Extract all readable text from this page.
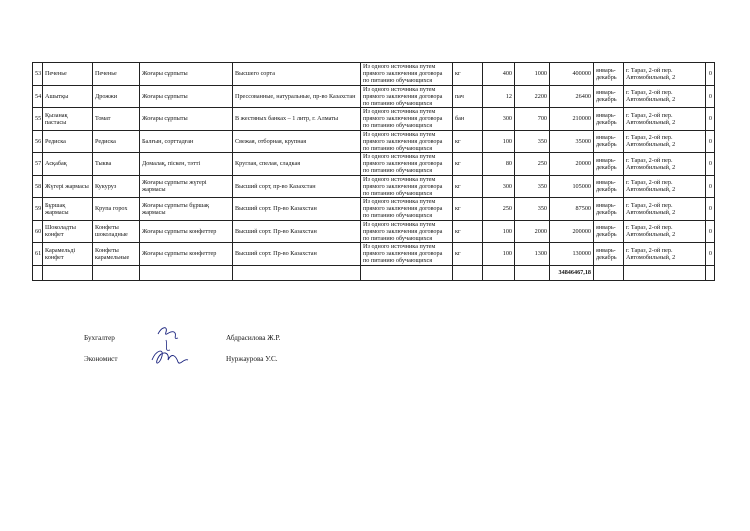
53	Печенье	Печенье	Жоғары сұрпыты	Высшего сорта	Из одного источника путем прямого заключения договора по питанию обучающихся	кг	400	1000	400000	январь-декабрь	г. Тараз, 2-ой пер. Автомобильный, 2	0
54	Ашытқы	Дрожжи	Жоғары сұрпыты	Прессованные, натуральные, пр-во Казахстан	Из одного источника путем прямого заключения договора по питанию обучающихся	пач	12	2200	26400	январь-декабрь	г. Тараз, 2-ой пер. Автомобильный, 2	0
55	Қызанақ пастасы	Томат	Жоғары сұрпыты	В жестяных банках – 1 литр, г. Алматы	Из одного источника путем прямого заключения договора по питанию обучающихся	бан	300	700	210000	январь-декабрь	г. Тараз, 2-ой пер. Автомобильный, 2	0
56	Редиска	Редиска	Балғын, сорттадған	Свежая, отборная, крупная	Из одного источника путем прямого заключения договора по питанию обучающихся	кг	100	350	35000	январь-декабрь	г. Тараз, 2-ой пер. Автомобильный, 2	0
57	Асқабақ	Тыква	Домалақ, піскен, тәтті	Круглая, спелая, сладкая	Из одного источника путем прямого заключения договора по питанию обучающихся	кг	80	250	20000	январь-декабрь	г. Тараз, 2-ой пер. Автомобильный, 2	0
58	Жүгері жармасы	Кукуруз	Жоғары сұрпыты жүгері жармасы	Высший сорт, пр-во Казахстан	Из одного источника путем прямого заключения договора по питанию обучающихся	кг	300	350	105000	январь-декабрь	г. Тараз, 2-ой пер. Автомобильный, 2	0
59	Бұршақ жармасы	Крупа горох	Жоғары сұрпыты бұршақ жармасы	Высший сорт. Пр-во Казахстан	Из одного источника путем прямого заключения договора по питанию обучающихся	кг	250	350	87500	январь-декабрь	г. Тараз, 2-ой пер. Автомобильный, 2	0
60	Шоколадты конфет	Конфеты шоколадные	Жоғары сұрпыты конфеттер	Высший сорт. Пр-во Казахстан	Из одного источника путем прямого заключения договора по питанию обучающихся	кг	100	2000	200000	январь-декабрь	г. Тараз, 2-ой пер. Автомобильный, 2	0
61	Карамельді конфет	Конфеты карамельные	Жоғары сұрпыты конфеттер	Высший сорт. Пр-во Казахстан	Из одного источника путем прямого заключения договора по питанию обучающихся	кг	100	1300	130000	январь-декабрь	г. Тараз, 2-ой пер. Автомобильный, 2	0
									34846467,18			
Бухгалтер	Абдрасилова Ж.Р.
Экономист	Нуржаурова У.С.
